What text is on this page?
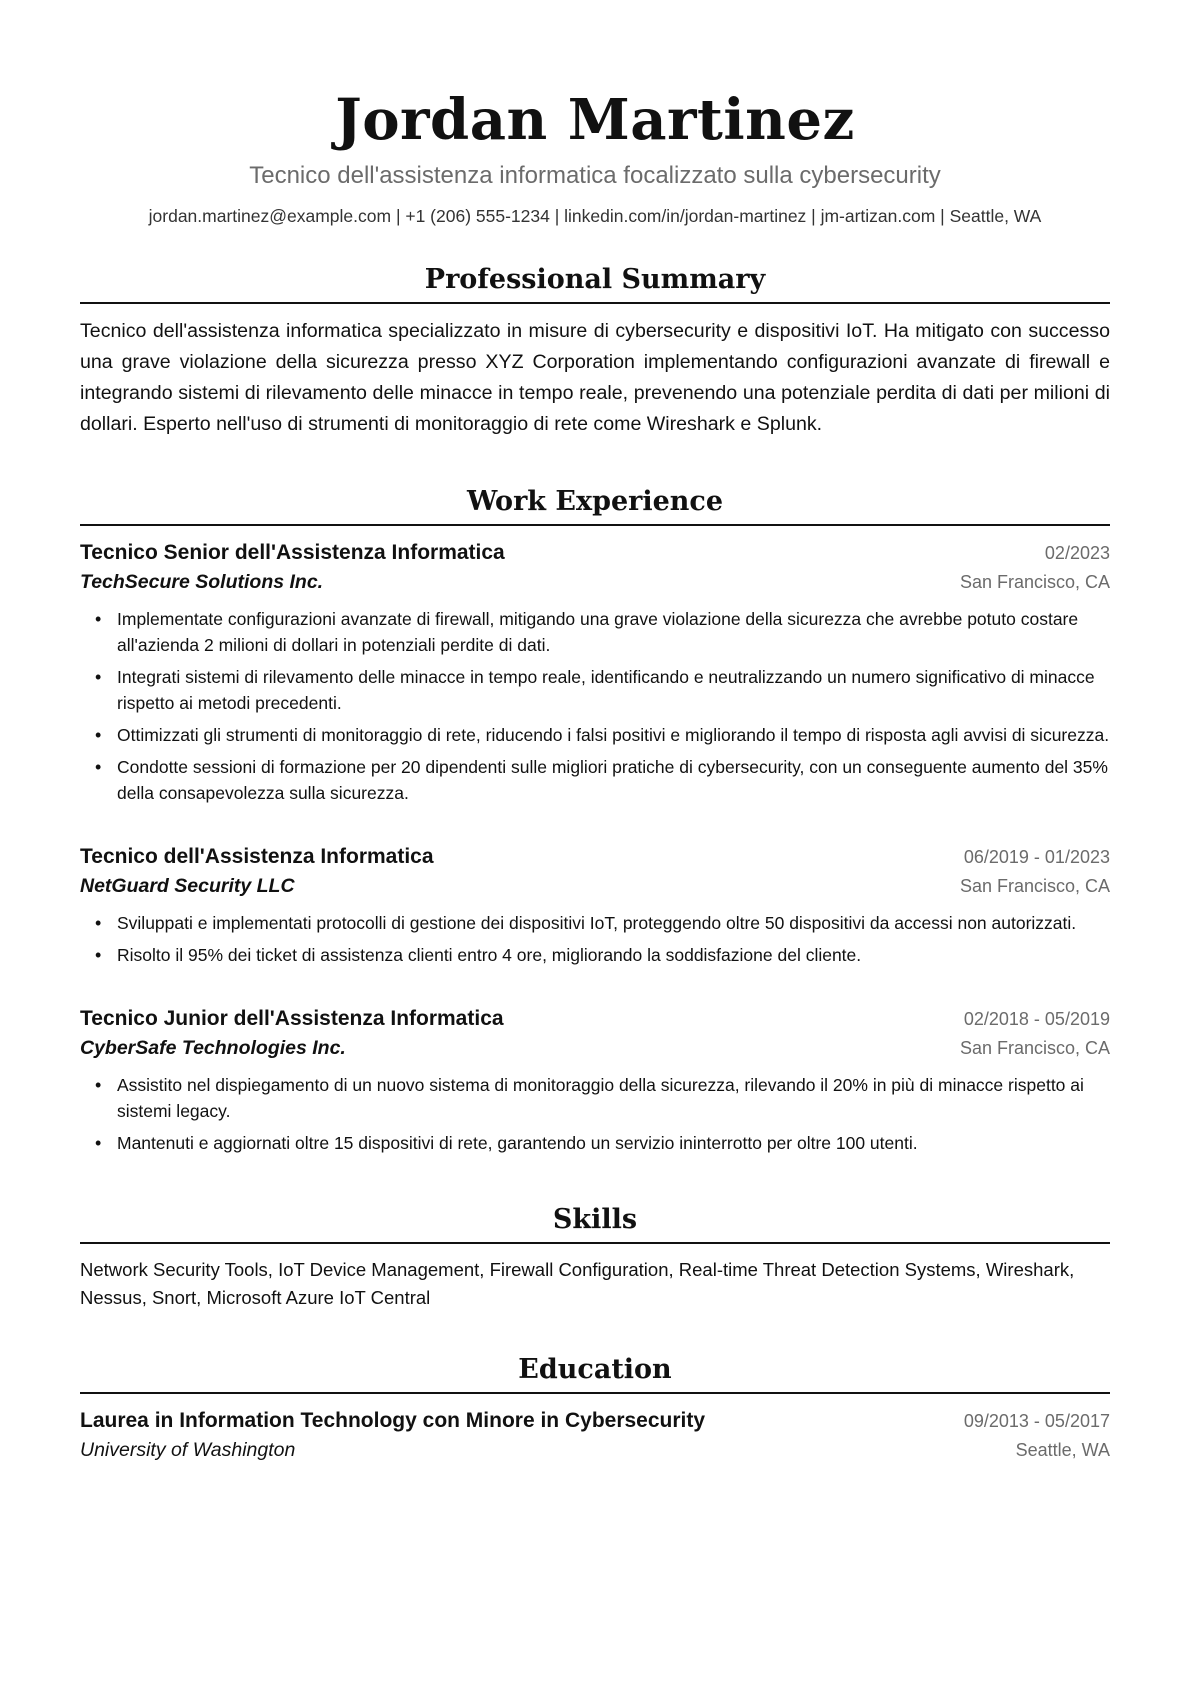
Jordan Martinez
Tecnico dell'assistenza informatica focalizzato sulla cybersecurity
jordan.martinez@example.com | +1 (206) 555-1234 | linkedin.com/in/jordan-martinez | jm-artizan.com | Seattle, WA
Professional Summary

Tecnico dell'assistenza informatica specializzato in misure di cybersecurity e dispositivi IoT. Ha mitigato con successo una grave violazione della sicurezza presso XYZ Corporation implementando configurazioni avanzate di firewall e integrando sistemi di rilevamento delle minacce in tempo reale, prevenendo una potenziale perdita di dati per milioni di dollari. Esperto nell'uso di strumenti di monitoraggio di rete come Wireshark e Splunk.

Work Experience
Tecnico Senior dell'Assistenza Informatica	02/2023
TechSecure Solutions Inc.	San Francisco, CA
• Implementate configurazioni avanzate di firewall, mitigando una grave violazione della sicurezza che avrebbe potuto costare all'azienda 2 milioni di dollari in potenziali perdite di dati.
• Integrati sistemi di rilevamento delle minacce in tempo reale, identificando e neutralizzando un numero significativo di minacce rispetto ai metodi precedenti.
• Ottimizzati gli strumenti di monitoraggio di rete, riducendo i falsi positivi e migliorando il tempo di risposta agli avvisi di sicurezza.
• Condotte sessioni di formazione per 20 dipendenti sulle migliori pratiche di cybersecurity, con un conseguente aumento del 35% della consapevolezza sulla sicurezza.
Tecnico dell'Assistenza Informatica	06/2019 - 01/2023
NetGuard Security LLC	San Francisco, CA
• Sviluppati e implementati protocolli di gestione dei dispositivi IoT, proteggendo oltre 50 dispositivi da accessi non autorizzati.
• Risolto il 95% dei ticket di assistenza clienti entro 4 ore, migliorando la soddisfazione del cliente.
Tecnico Junior dell'Assistenza Informatica	02/2018 - 05/2019
CyberSafe Technologies Inc.	San Francisco, CA
• Assistito nel dispiegamento di un nuovo sistema di monitoraggio della sicurezza, rilevando il 20% in più di minacce rispetto ai sistemi legacy.
• Mantenuti e aggiornati oltre 15 dispositivi di rete, garantendo un servizio ininterrotto per oltre 100 utenti.
Skills
Network Security Tools, IoT Device Management, Firewall Configuration, Real-time Threat Detection Systems, Wireshark, Nessus, Snort, Microsoft Azure IoT Central
Education
Laurea in Information Technology con Minore in Cybersecurity	09/2013 - 05/2017
University of Washington	Seattle, WA
